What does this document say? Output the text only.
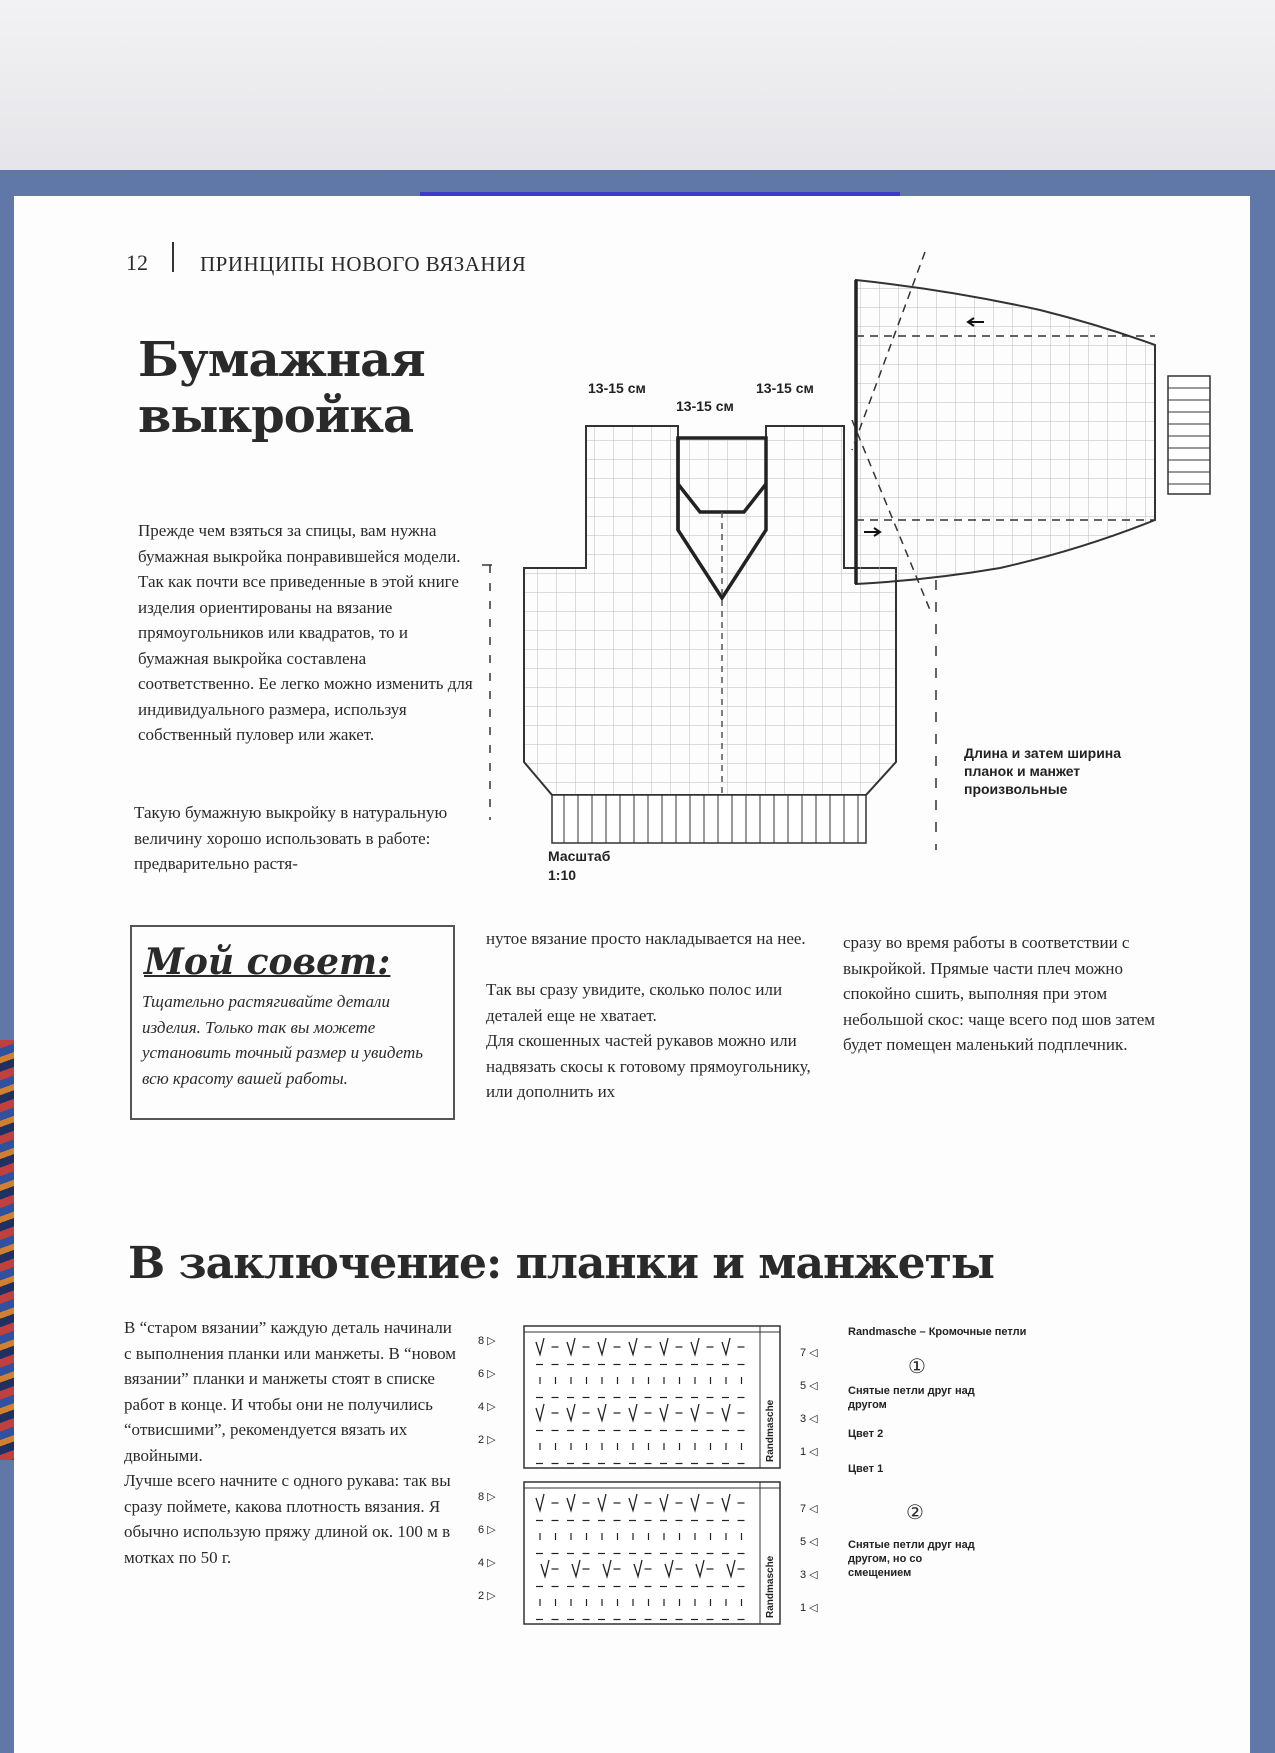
12 ПРИНЦИПЫ НОВОГО ВЯЗАНИЯ
Бумажная выкройка
Прежде чем взяться за спицы, вам нужна бумажная выкройка понравившейся модели. Так как почти все приведенные в этой книге изделия ориентированы на вязание прямоугольников или квадратов, то и бумажная выкройка составлена соответственно. Ее легко можно изменить для индивидуального размера, используя собственный пуловер или жакет.
Такую бумажную выкройку в натуральную величину хорошо использовать в работе: предварительно растя-
нутое вязание просто накладывается на нее.

Так вы сразу увидите, сколько полос или деталей еще не хватает.
Для скошенных частей рукавов можно или надвязать скосы к готовому прямоугольнику, или дополнить их
сразу во время работы в соответствии с выкройкой. Прямые части плеч можно спокойно сшить, выполняя при этом небольшой скос: чаще всего под шов затем будет помещен маленький подплечник.
Мой совет:
Тщательно растягивайте детали изделия. Только так вы можете установить точный размер и увидеть всю красоту вашей работы.
13-15 см
13-15 см
13-15 см
Длина и затем ширина планок и манжет произвольные
Масштаб
1:10
В заключение: планки и манжеты
В “старом вязании” каждую деталь начинали с выполнения планки или манжеты. В “новом вязании” планки и манжеты стоят в списке работ в конце. И чтобы они не получились “отвисшими”, рекомендуется вязать их двойными.
Лучше всего начните с одного рукава: так вы сразу поймете, какова плотность вязания. Я обычно использую пряжу длиной ок. 100 м в мотках по 50 г.
Randmasche
Randmasche
8 ▷
6 ▷
4 ▷
2 ▷
7 ◁
5 ◁
3 ◁
1 ◁
8 ▷
6 ▷
4 ▷
2 ▷
7 ◁
5 ◁
3 ◁
1 ◁
Randmasche – Кромочные петли
①
Снятые петли друг над другом
Цвет 2
Цвет 1
②
Снятые петли друг над другом, но со смещением
